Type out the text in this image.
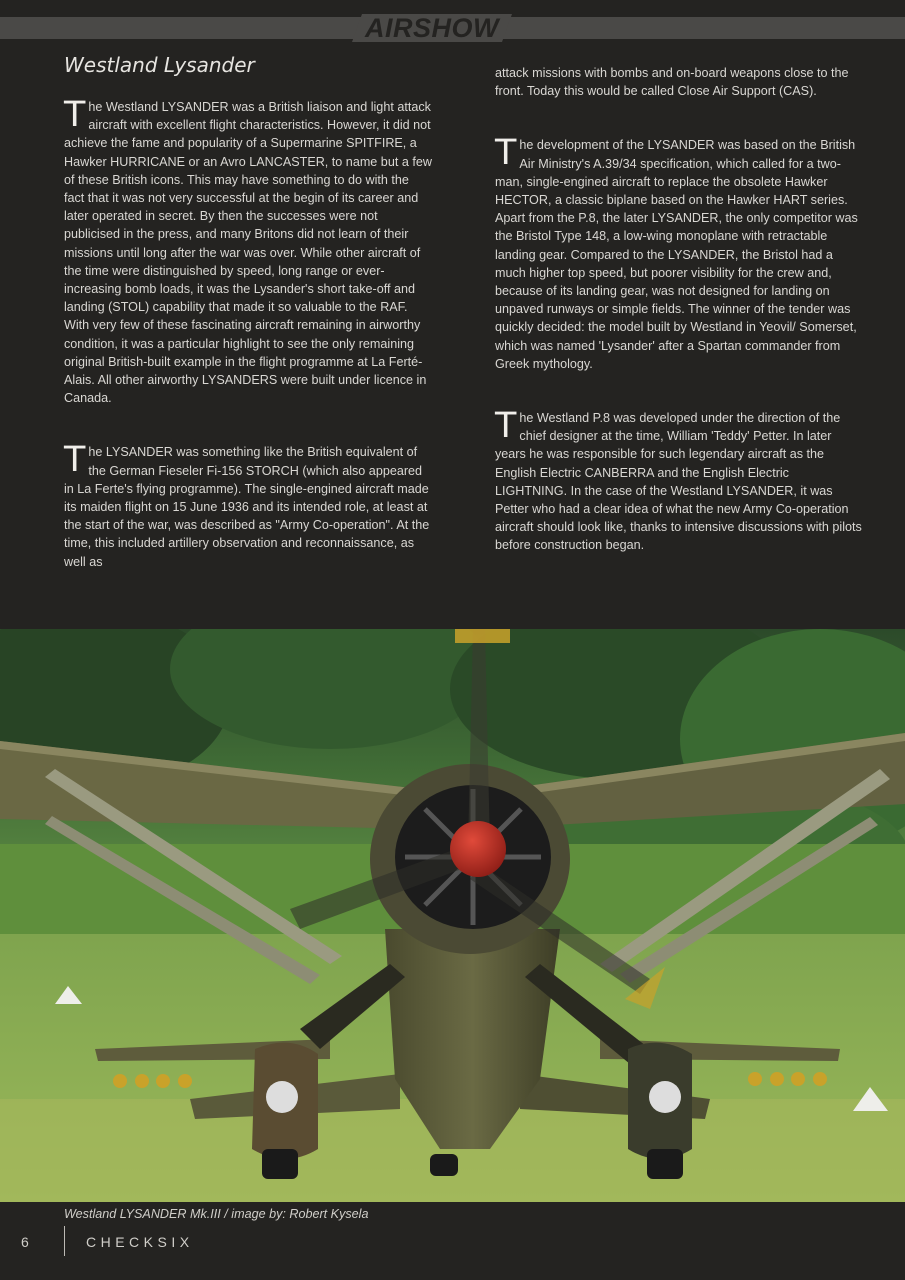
AIRSHOW
Westland Lysander

The Westland LYSANDER was a British liaison and light attack aircraft with excellent flight characteristics. However, it did not achieve the fame and popularity of a Supermarine SPITFIRE, a Hawker HURRICANE or an Avro LANCASTER, to name but a few of these British icons. This may have something to do with the fact that it was not very successful at the begin of its career and later operated in secret. By then the successes were not publicised in the press, and many Britons did not learn of their missions until long after the war was over. While other aircraft of the time were distinguished by speed, long range or ever-increasing bomb loads, it was the Lysander's short take-off and landing (STOL) capability that made it so valuable to the RAF. With very few of these fascinating aircraft remaining in airworthy condition, it was a particular highlight to see the only remaining original British-built example in the flight programme at La Ferté-Alais. All other airworthy LYSANDERS were built under licence in Canada.

The LYSANDER was something like the British equivalent of the German Fieseler Fi-156 STORCH (which also appeared in La Ferte's flying programme). The single-engined aircraft made its maiden flight on 15 June 1936 and its intended role, at least at the start of the war, was described as "Army Co-operation". At the time, this included artillery observation and reconnaissance, as well as

attack missions with bombs and on-board weapons close to the front. Today this would be called Close Air Support (CAS).

The development of the LYSANDER was based on the British Air Ministry's A.39/34 specification, which called for a two-man, single-engined aircraft to replace the obsolete Hawker HECTOR, a classic biplane based on the Hawker HART series. Apart from the P.8, the later LYSANDER, the only competitor was the Bristol Type 148, a low-wing monoplane with retractable landing gear. Compared to the LYSANDER, the Bristol had a much higher top speed, but poorer visibility for the crew and, because of its landing gear, was not designed for landing on unpaved runways or simple fields. The winner of the tender was quickly decided: the model built by Westland in Yeovil/ Somerset, which was named 'Lysander' after a Spartan commander from Greek mythology.

The Westland P.8 was developed under the direction of the chief designer at the time, William 'Teddy' Petter. In later years he was responsible for such legendary aircraft as the English Electric CANBERRA and the English Electric LIGHTNING. In the case of the Westland LYSANDER, it was Petter who had a clear idea of what the new Army Co-operation aircraft should look like, thanks to intensive discussions with pilots before construction began.

Westland LYSANDER Mk.III / image by: Robert Kysela
6	CHECKSIX
